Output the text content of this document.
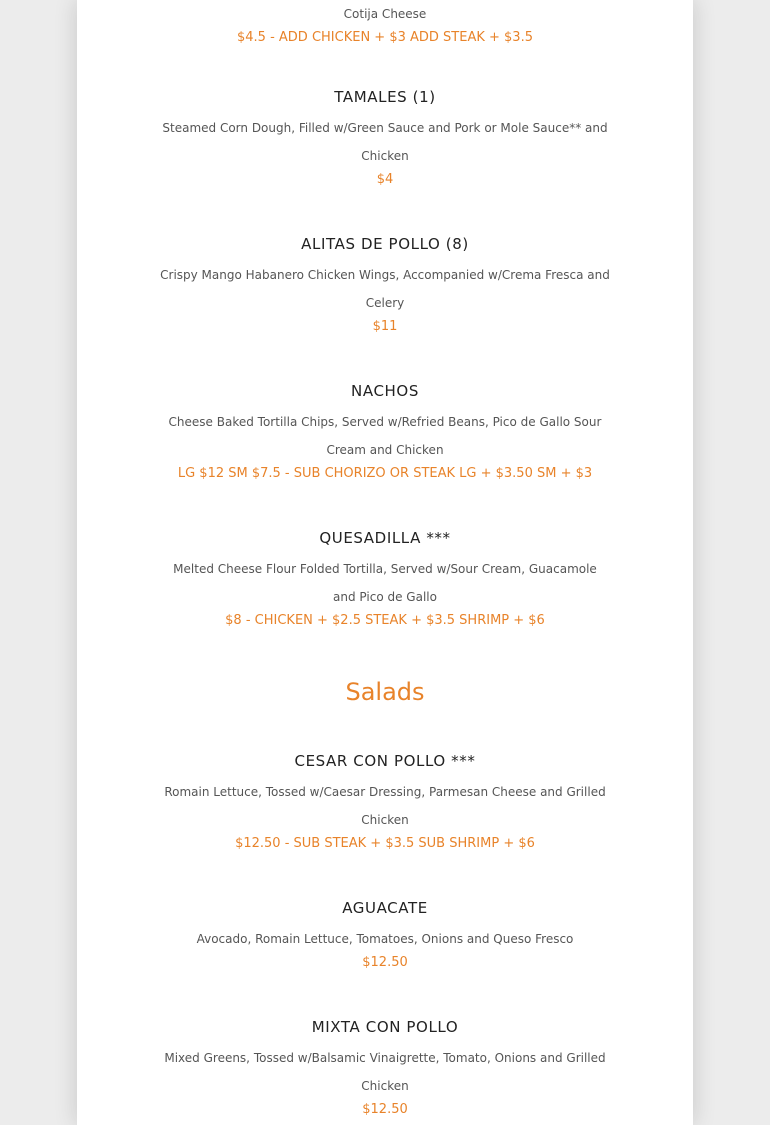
Cotija Cheese
$4.5 - ADD CHICKEN + $3 ADD STEAK + $3.5
TAMALES (1)
Steamed Corn Dough, Filled w/Green Sauce and Pork or Mole Sauce** and Chicken
$4
ALITAS DE POLLO (8)
Crispy Mango Habanero Chicken Wings, Accompanied w/Crema Fresca and Celery
$11
NACHOS
Cheese Baked Tortilla Chips, Served w/Refried Beans, Pico de Gallo Sour Cream and Chicken
LG $12 SM $7.5 - SUB CHORIZO OR STEAK LG + $3.50 SM + $3
QUESADILLA ***
Melted Cheese Flour Folded Tortilla, Served w/Sour Cream, Guacamole and Pico de Gallo
$8 - CHICKEN + $2.5 STEAK + $3.5 SHRIMP + $6
Salads
CESAR CON POLLO ***
Romain Lettuce, Tossed w/Caesar Dressing, Parmesan Cheese and Grilled Chicken
$12.50 - SUB STEAK + $3.5 SUB SHRIMP + $6
AGUACATE
Avocado, Romain Lettuce, Tomatoes, Onions and Queso Fresco
$12.50
MIXTA CON POLLO
Mixed Greens, Tossed w/Balsamic Vinaigrette, Tomato, Onions and Grilled Chicken
$12.50
